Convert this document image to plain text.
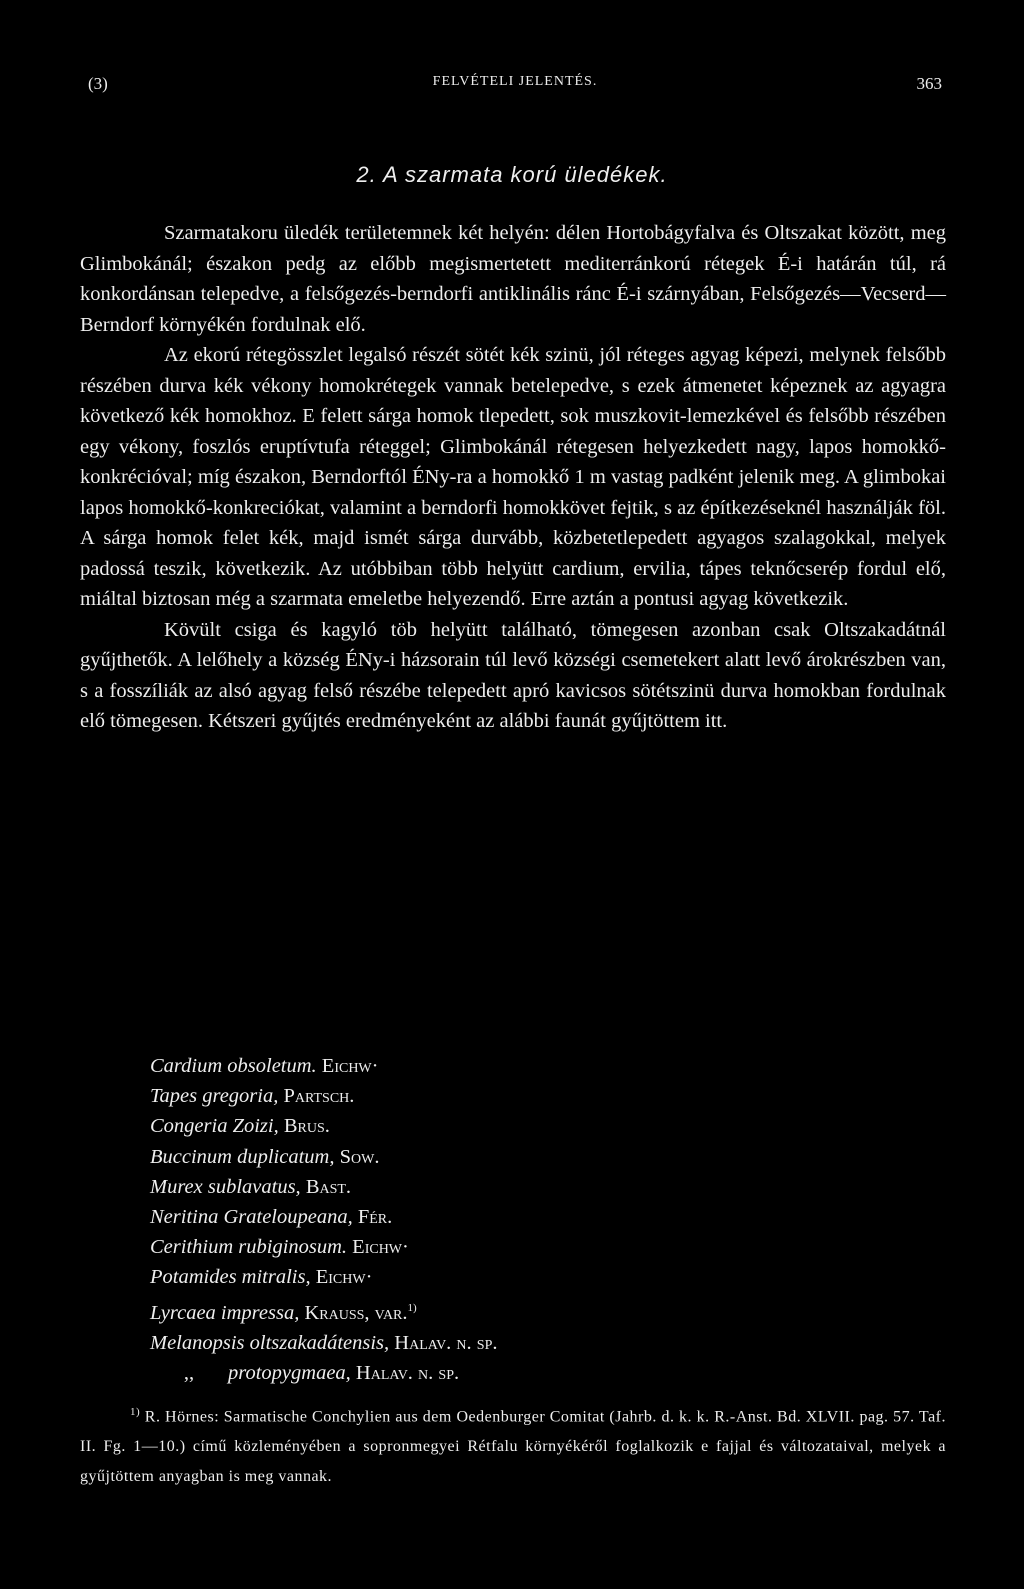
(3)	FELVÉTELI JELENTÉS.	363
2. A szarmata korú üledékek.

Szarmatakoru üledék területemnek két helyén: délen Hortobágyfalva és Oltszakat között, meg Glimbokánál; északon pedg az előbb megismertetett mediterránkorú rétegek É-i határán túl, rá konkordánsan telepedve, a felsőgezés-berndorfi antiklinális ránc É-i szárnyában, Felsőgezés—Vecserd—Berndorf környékén fordulnak elő.

Az ekorú rétegösszlet legalsó részét sötét kék szinü, jól réteges agyag képezi, melynek felsőbb részében durva kék vékony homokrétegek vannak betelepedve, s ezek átmenetet képeznek az agyagra következő kék homokhoz. E felett sárga homok tlepedett, sok muszkovit-lemezkével és felsőbb részében egy vékony, foszlós eruptívtufa réteggel; Glimbokánál rétegesen helyezkedett nagy, lapos homokkő-konkrécióval; míg északon, Berndorftól ÉNy-ra a homokkő 1 m vastag padként jelenik meg. A glimbokai lapos homokkő-konkreciókat, valamint a berndorfi homokkövet fejtik, s az építkezéseknél használják föl. A sárga homok felet kék, majd ismét sárga durvább, közbetetlepedett agyagos szalagokkal, melyek padossá teszik, következik. Az utóbbiban több helyütt cardium, ervilia, tápes teknőcserép fordul elő, miáltal biztosan még a szarmata emeletbe helyezendő. Erre aztán a pontusi agyag következik.

Kövült csiga és kagyló töb helyütt található, tömegesen azonban csak Oltszakadátnál gyűjthetők. A lelőhely a község ÉNy-i házsorain túl levő községi csemetekert alatt levő árokrészben van, s a fosszíliák az alsó agyag felső részébe telepedett apró kavicsos sötétszinü durva homokban fordulnak elő tömegesen. Kétszeri gyűjtés eredményeként az alábbi faunát gyűjtöttem itt.

Cardium obsoletum. Eichw·

Tapes gregoria, Partsch.

Congeria Zoizi, Brus.

Buccinum duplicatum, Sow.

Murex sublavatus, Bast.

Neritina Grateloupeana, Fér.

Cerithium rubiginosum. Eichw·

Potamides mitralis, Eichw·

Lyrcaea impressa, Krauss, var.$^{1)}$

Melanopsis oltszakadátensis, Halav. n. sp.

,, protopygmaea, Halav. n. sp.

$^{1)}$ R. Hörnes: Sarmatische Conchylien aus dem Oedenburger Comitat (Jahrb. d. k. k. R.-Anst. Bd. XLVII. pag. 57. Taf. II. Fg. 1—10.) című közleményében a sopronmegyei Rétfalu környékéről foglalkozik e fajjal és változataival, melyek a gyűjtöttem anyagban is meg vannak.
